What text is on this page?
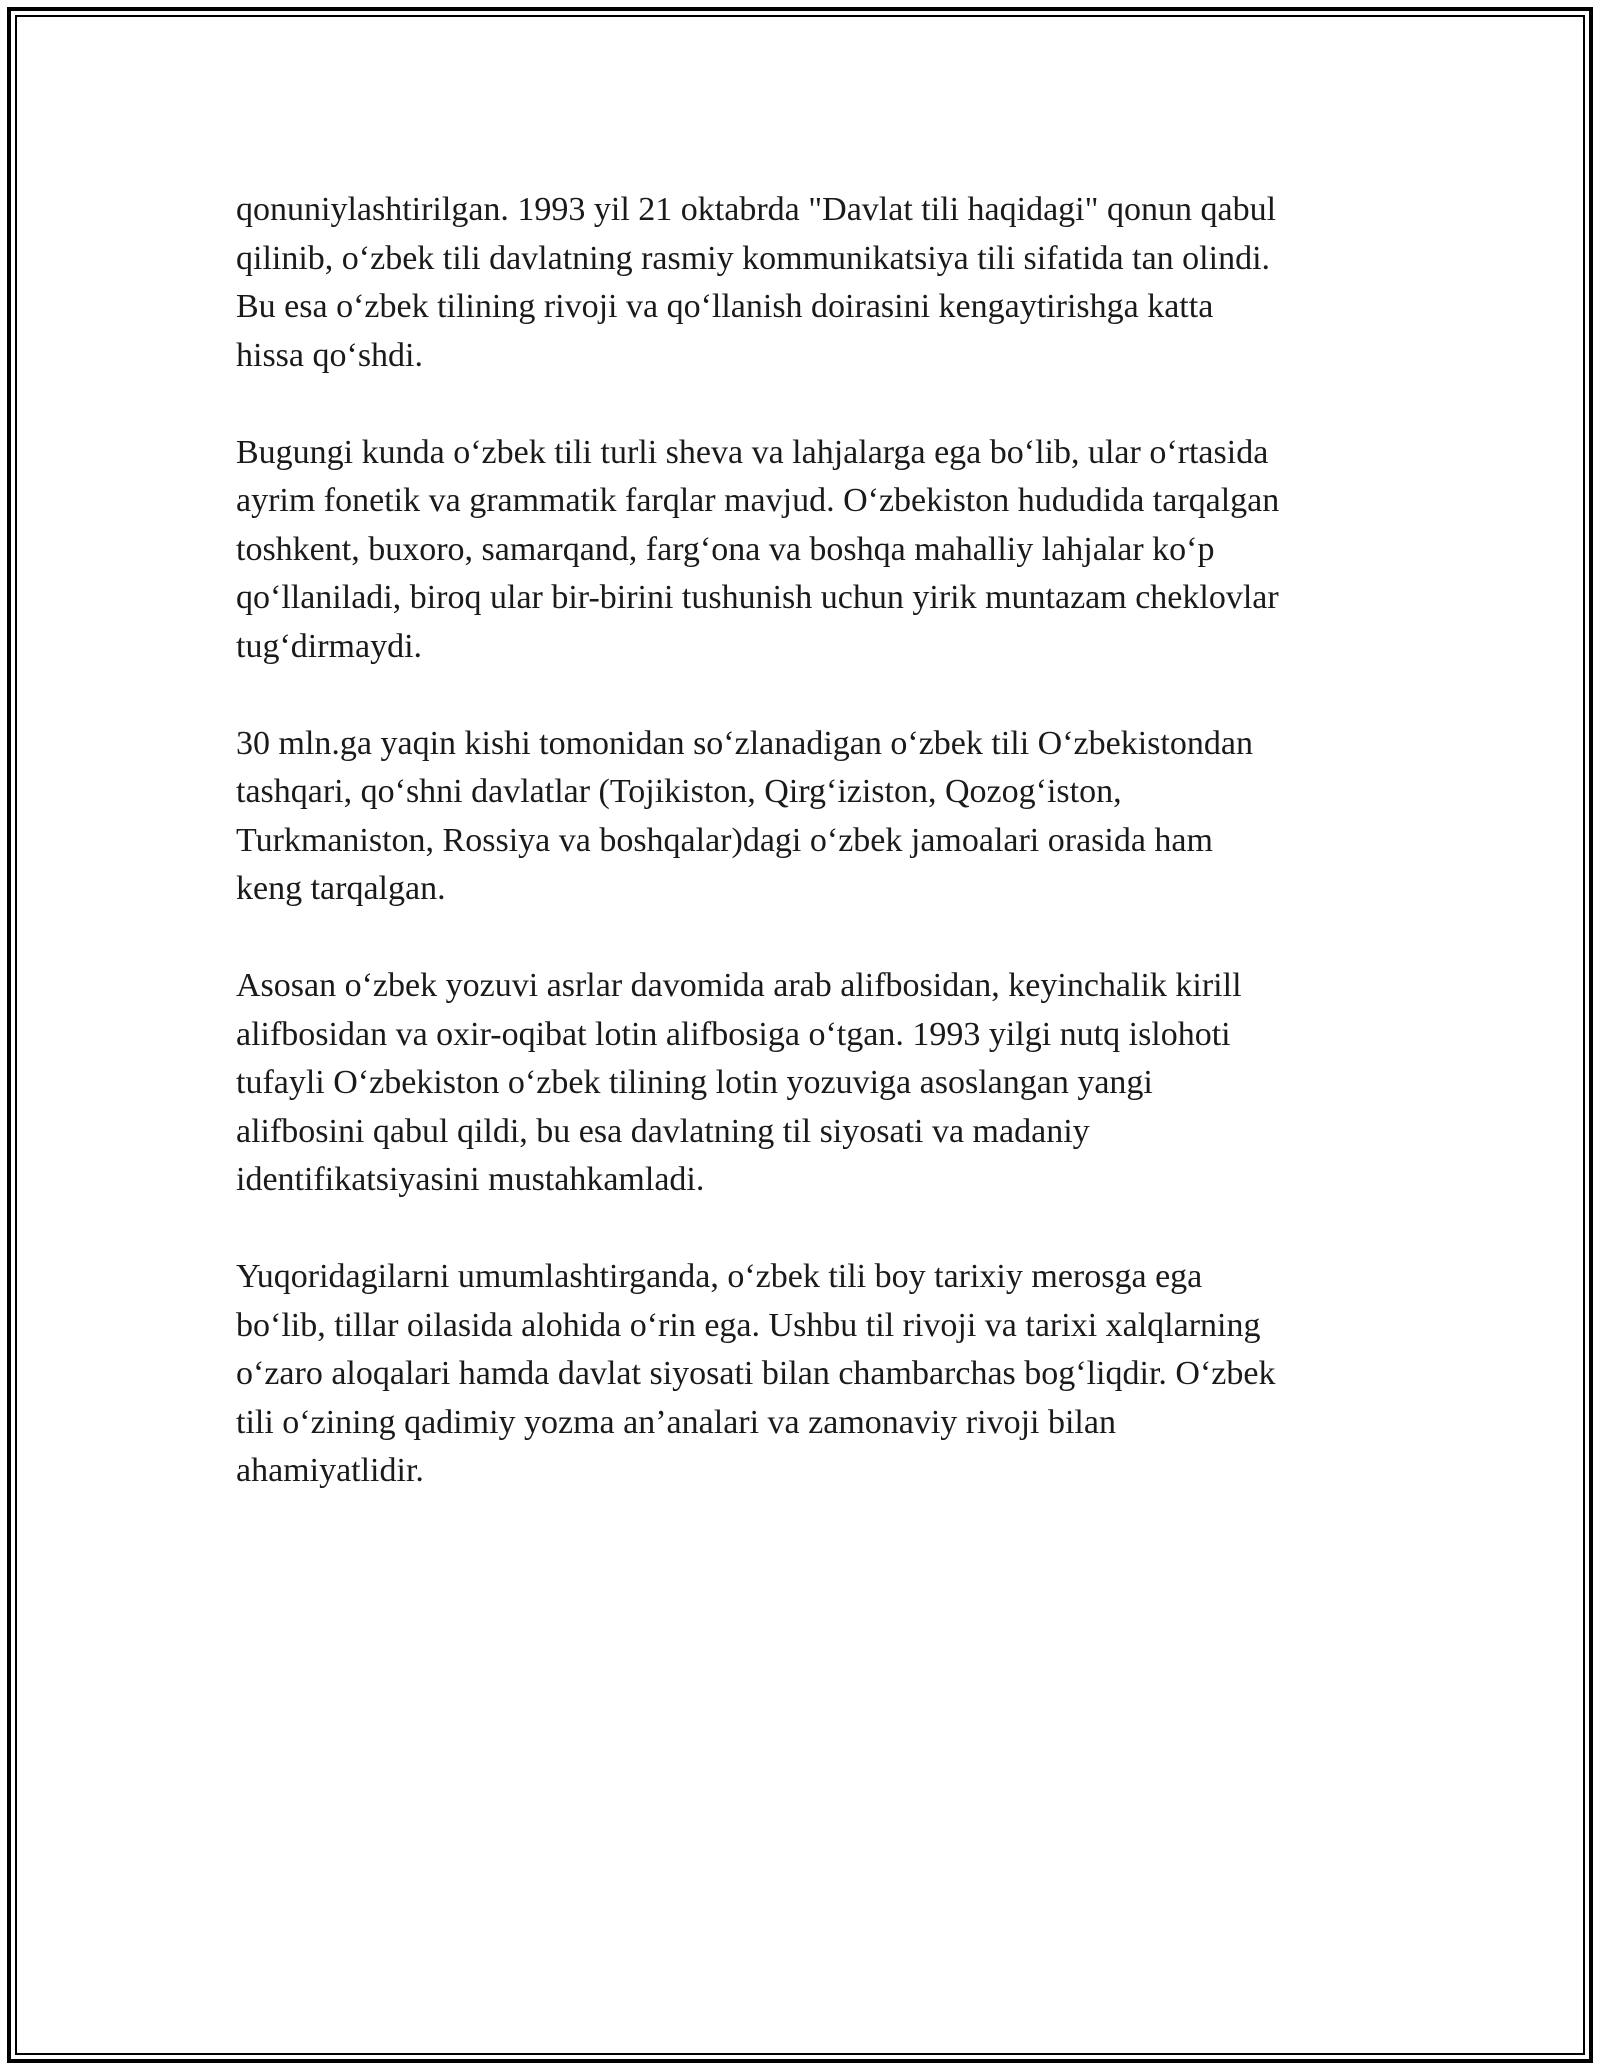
qonuniylashtirilgan. 1993 yil 21 oktabrda "Davlat tili haqidagi" qonun qabul
qilinib, o‘zbek tili davlatning rasmiy kommunikatsiya tili sifatida tan olindi.
Bu esa o‘zbek tilining rivoji va qo‘llanish doirasini kengaytirishga katta
hissa qo‘shdi.

Bugungi kunda o‘zbek tili turli sheva va lahjalarga ega bo‘lib, ular o‘rtasida
ayrim fonetik va grammatik farqlar mavjud. O‘zbekiston hududida tarqalgan
toshkent, buxoro, samarqand, farg‘ona va boshqa mahalliy lahjalar ko‘p
qo‘llaniladi, biroq ular bir-birini tushunish uchun yirik muntazam cheklovlar
tug‘dirmaydi.

30 mln.ga yaqin kishi tomonidan so‘zlanadigan o‘zbek tili O‘zbekistondan
tashqari, qo‘shni davlatlar (Tojikiston, Qirg‘iziston, Qozog‘iston,
Turkmaniston, Rossiya va boshqalar)dagi o‘zbek jamoalari orasida ham
keng tarqalgan.

Asosan o‘zbek yozuvi asrlar davomida arab alifbosidan, keyinchalik kirill
alifbosidan va oxir-oqibat lotin alifbosiga o‘tgan. 1993 yilgi nutq islohoti
tufayli O‘zbekiston o‘zbek tilining lotin yozuviga asoslangan yangi
alifbosini qabul qildi, bu esa davlatning til siyosati va madaniy
identifikatsiyasini mustahkamladi.

Yuqoridagilarni umumlashtirganda, o‘zbek tili boy tarixiy merosga ega
bo‘lib, tillar oilasida alohida o‘rin ega. Ushbu til rivoji va tarixi xalqlarning
o‘zaro aloqalari hamda davlat siyosati bilan chambarchas bog‘liqdir. O‘zbek
tili o‘zining qadimiy yozma an’analari va zamonaviy rivoji bilan
ahamiyatlidir.
